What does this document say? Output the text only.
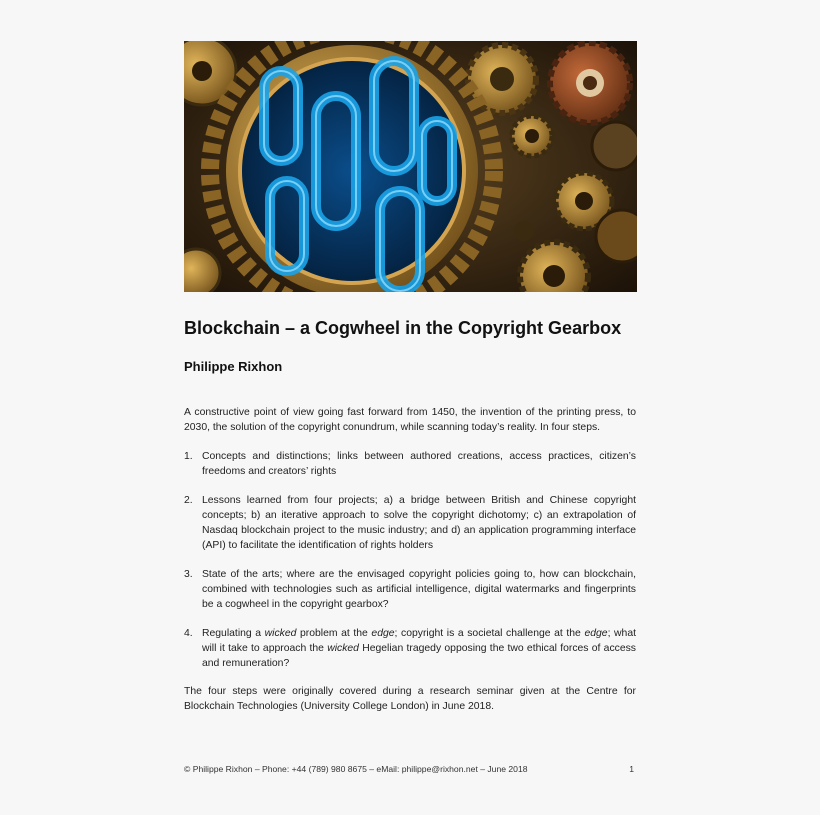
Blockchain – a Cogwheel in the Copyright Gearbox
Philippe Rixhon
A constructive point of view going fast forward from 1450, the invention of the printing press, to 2030, the solution of the copyright conundrum, while scanning today’s reality. In four steps.
1. Concepts and distinctions; links between authored creations, access practices, citizen’s freedoms and creators’ rights
2. Lessons learned from four projects; a) a bridge between British and Chinese copyright concepts; b) an iterative approach to solve the copyright dichotomy; c) an extrapolation of Nasdaq blockchain project to the music industry; and d) an application programming interface (API) to facilitate the identification of rights holders
3. State of the arts; where are the envisaged copyright policies going to, how can blockchain, combined with technologies such as artificial intelligence, digital watermarks and fingerprints be a cogwheel in the copyright gearbox?
4. Regulating a wicked problem at the edge; copyright is a societal challenge at the edge; what will it take to approach the wicked Hegelian tragedy opposing the two ethical forces of access and remuneration?
The four steps were originally covered during a research seminar given at the Centre for Blockchain Technologies (University College London) in June 2018.
© Philippe Rixhon – Phone: +44 (789) 980 8675 – eMail: philippe@rixhon.net – June 2018	1
